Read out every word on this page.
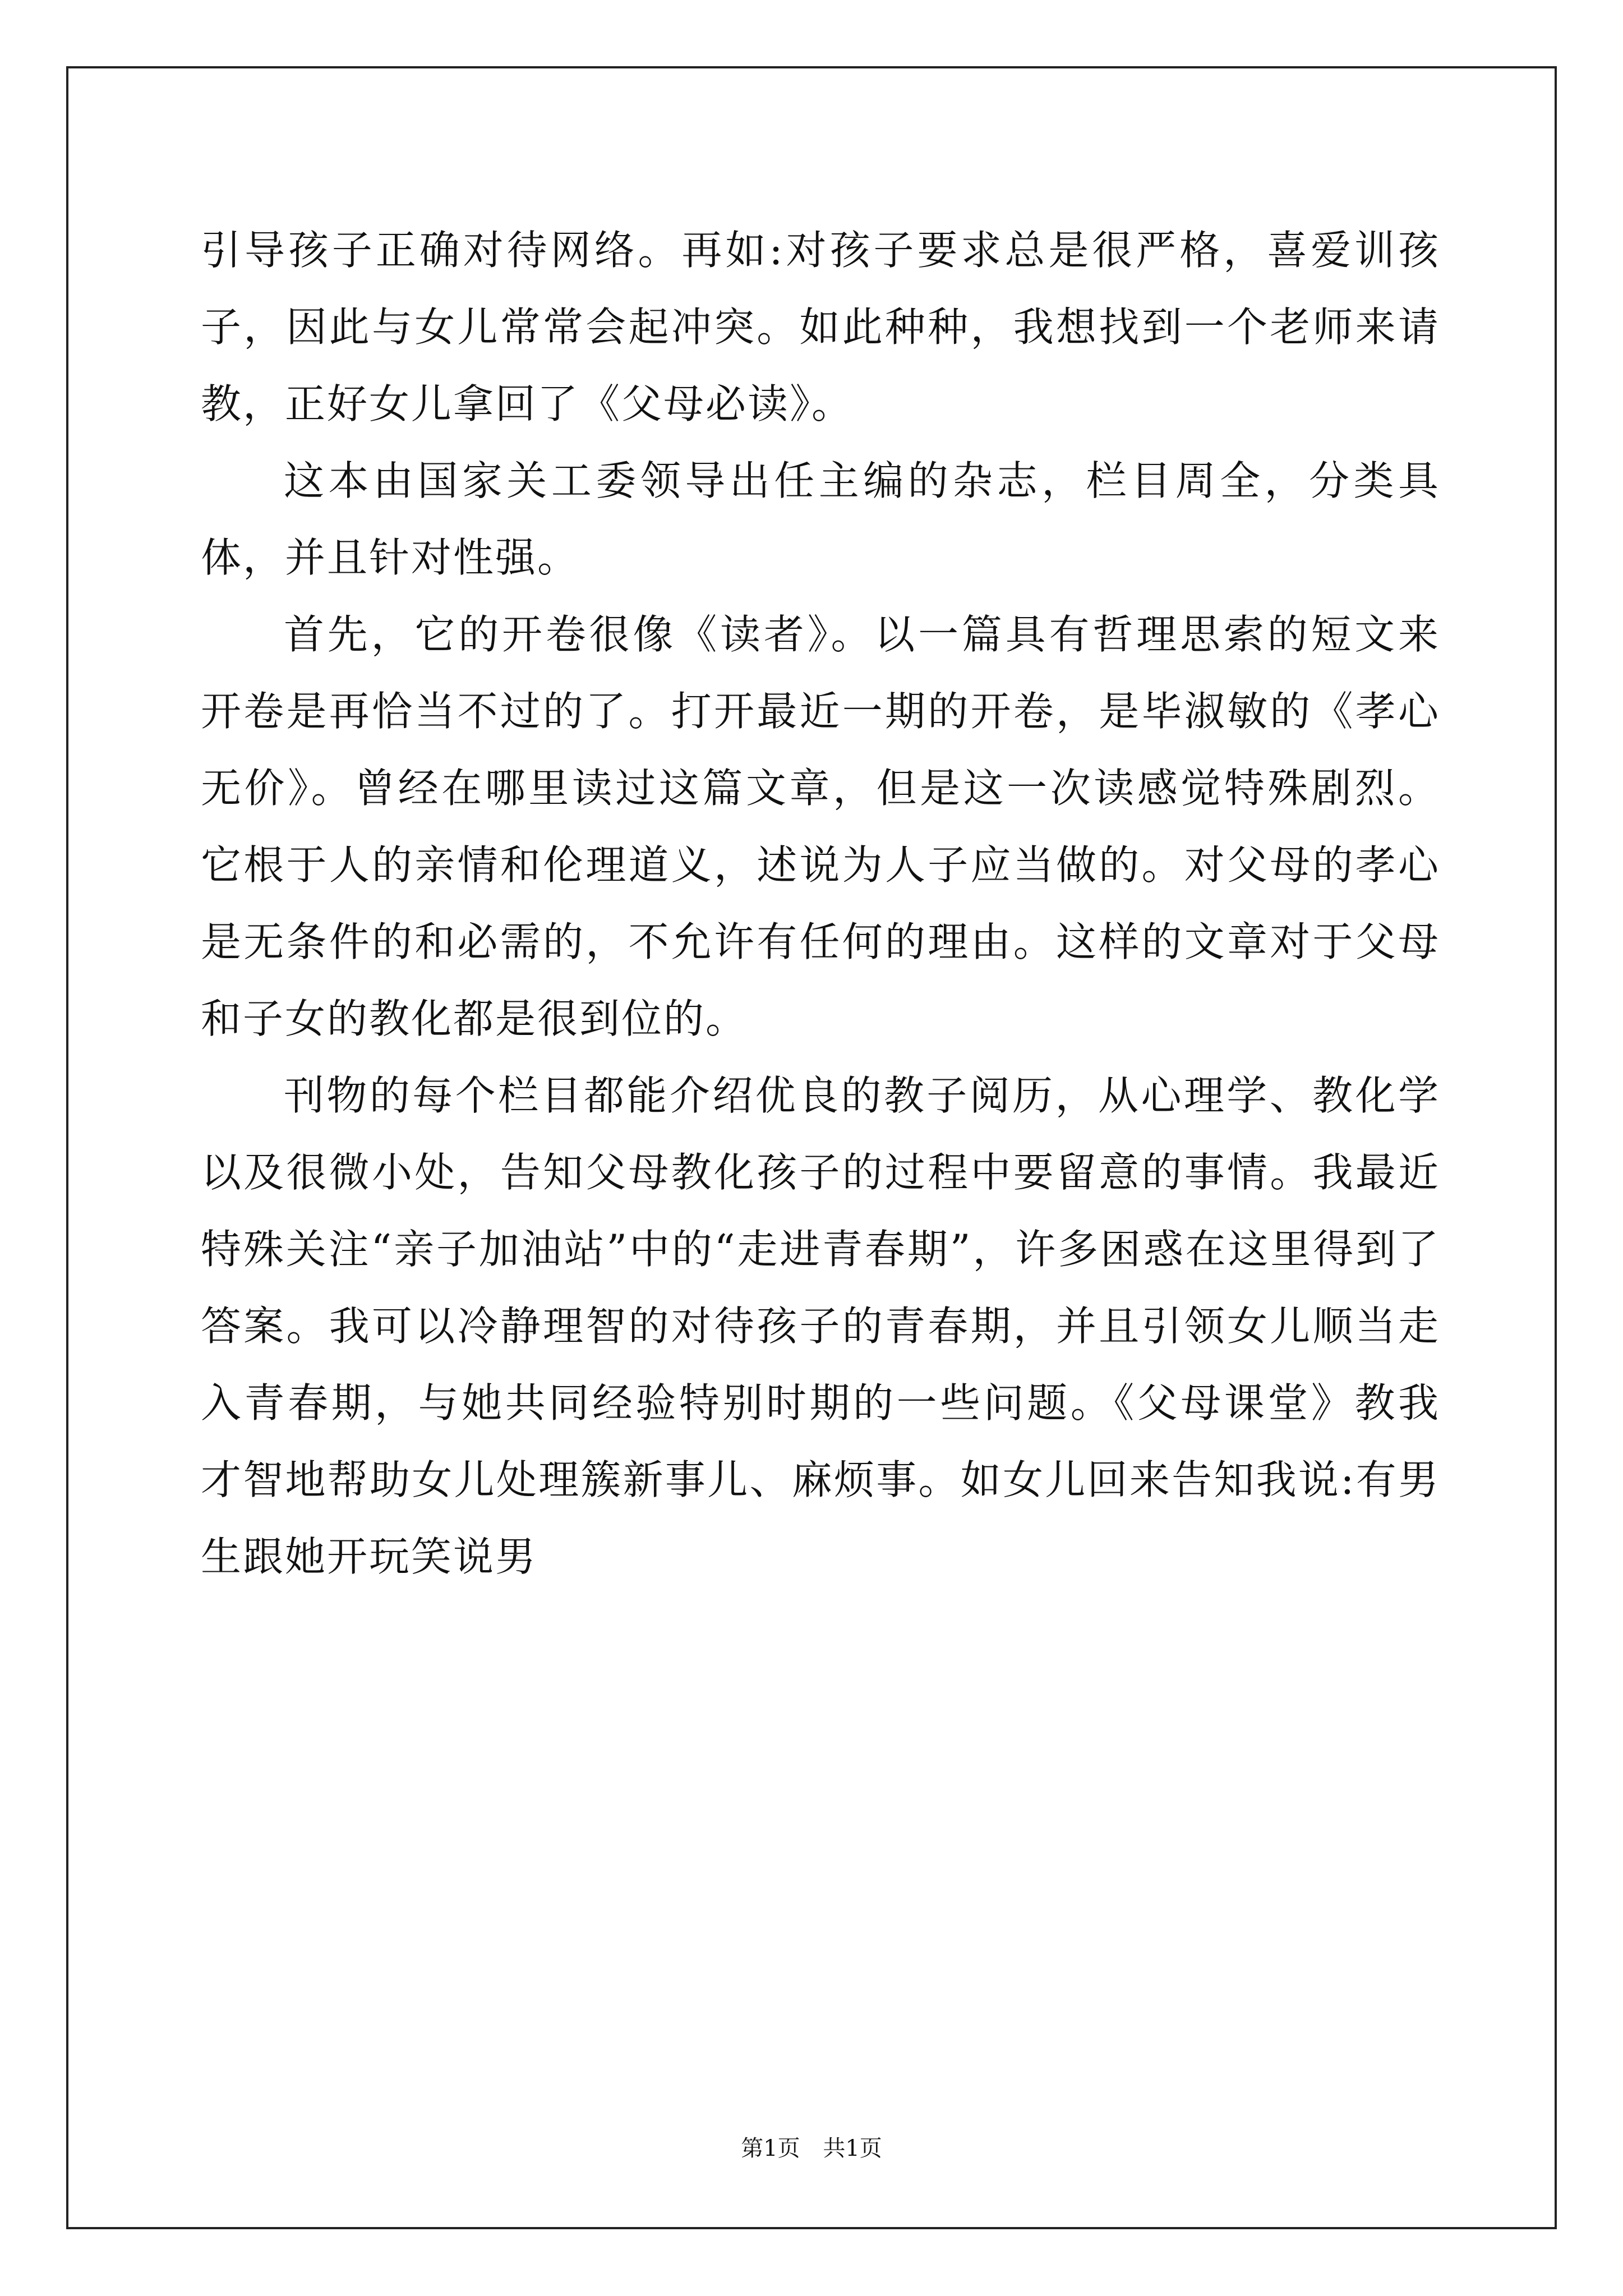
引导孩子正确对待网络。再如:对孩子要求总是很严格，喜爱训孩子，因此与女儿常常会起冲突。如此种种，我想找到一个老师来请教，正好女儿拿回了《父母必读》。

这本由国家关工委领导出任主编的杂志，栏目周全，分类具体，并且针对性强。

首先，它的开卷很像《读者》。以一篇具有哲理思索的短文来开卷是再恰当不过的了。打开最近一期的开卷，是毕淑敏的《孝心无价》。曾经在哪里读过这篇文章，但是这一次读感觉特殊剧烈。它根于人的亲情和伦理道义，述说为人子应当做的。对父母的孝心是无条件的和必需的，不允许有任何的理由。这样的文章对于父母和子女的教化都是很到位的。

刊物的每个栏目都能介绍优良的教子阅历，从心理学、教化学以及很微小处，告知父母教化孩子的过程中要留意的事情。我最近特殊关注“亲子加油站”中的“走进青春期”，许多困惑在这里得到了答案。我可以冷静理智的对待孩子的青春期，并且引领女儿顺当走入青春期，与她共同经验特别时期的一些问题。《父母课堂》教我才智地帮助女儿处理簇新事儿、麻烦事。如女儿回来告知我说:有男生跟她开玩笑说男

第1页 共1页
